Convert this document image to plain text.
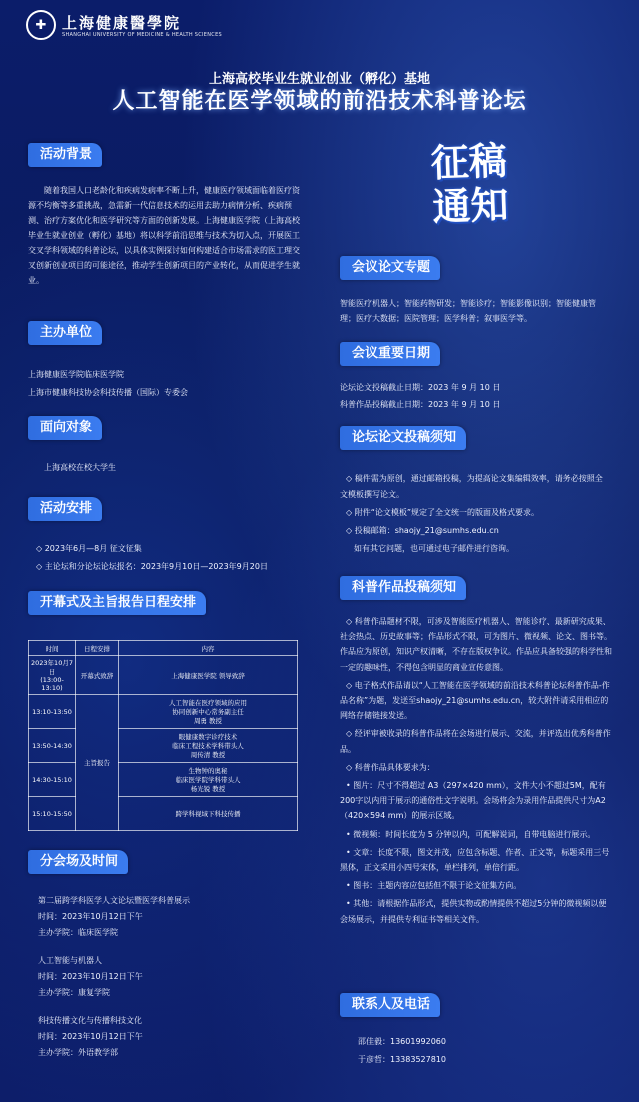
✚	上海健康醫學院
SHANGHAI UNIVERSITY OF MEDICINE & HEALTH SCIENCES
上海高校毕业生就业创业（孵化）基地
人工智能在医学领域的前沿技术科普论坛
征稿
通知
活动背景
随着我国人口老龄化和疾病发病率不断上升，健康医疗领域面临着医疗资源不均衡等多重挑战，急需新一代信息技术的运用去助力病情分析、疾病预测、治疗方案优化和医学研究等方面的创新发展。上海健康医学院（上海高校毕业生就业创业（孵化）基地）将以科学前沿思维与技术为切入点，开展医工交叉学科领域的科普论坛，以具体实例探讨如何构建适合市场需求的医工理交叉创新创业项目的可能途径，推动学生创新项目的产业转化，从而促进学生就业。
主办单位
上海健康医学院临床医学院
上海市健康科技协会科技传播（国际）专委会
面向对象
上海高校在校大学生
活动安排
◇ 2023年6月—8月 征文征集
◇ 主论坛和分论坛论坛报名：2023年9月10日—2023年9月20日
开幕式及主旨报告日程安排
时间	日程安排	内容
2023年10月7日
(13:00-13:10)	开幕式致辞	上海健康医学院 领导致辞
13:10-13:50	主旨报告	人工智能在医疗领域的应用
协同创新中心常务副主任
周勇 教授
13:50-14:30		眼健康数字诊疗技术
临床工程技术学科带头人
周传清 教授
14:30-15:10		生物钟的奥秘
临床医学院学科带头人
杨光锐 教授
15:10-15:50		跨学科视域下科技传播
分会场及时间
第二届跨学科医学人文论坛暨医学科普展示
时间：2023年10月12日下午
主办学院：临床医学院
人工智能与机器人
时间：2023年10月12日下午
主办学院：康复学院
科技传播文化与传播科技文化
时间：2023年10月12日下午
主办学院：外语教学部
会议论文专题
智能医疗机器人；智能药物研发；智能诊疗；智能影像识别；智能健康管理；医疗大数据；医院管理；医学科普；叙事医学等。
会议重要日期
论坛论文投稿截止日期：2023 年 9 月 10 日
科普作品投稿截止日期：2023 年 9 月 10 日
论坛论文投稿须知
◇ 稿件需为原创，通过邮箱投稿，为提高论文集编辑效率，请务必按照全文模板撰写论文。
◇ 附件“论文模板”规定了全文统一的版面及格式要求。
◇ 投稿邮箱：shaojy_21@sumhs.edu.cn
如有其它问题，也可通过电子邮件进行咨询。
科普作品投稿须知
◇ 科普作品题材不限，可涉及智能医疗机器人、智能诊疗、最新研究成果、社会热点、历史故事等；作品形式不限，可为图片、微视频、论文、图书等。作品应为原创，知识产权清晰，不存在版权争议。作品应具备较强的科学性和一定的趣味性，不得包含明显的商业宣传意图。
◇ 电子格式作品请以“人工智能在医学领域的前沿技术科普论坛科普作品-作品名称”为题，发送至shaojy_21@sumhs.edu.cn，较大附件请采用相应的网络存储链接发送。
◇ 经评审被收录的科普作品将在会场进行展示、交流，并评选出优秀科普作品。
◇ 科普作品具体要求为：
• 图片：尺寸不得超过 A3（297×420 mm），文件大小不超过5M，配有200字以内用于展示的通俗性文字说明。会场将会为录用作品提供尺寸为A2（420×594 mm）的展示区域。
• 微视频：时间长度为 5 分钟以内，可配解说词，自带电脑进行展示。
• 文章：长度不限，图文并茂，应包含标题、作者、正文等，标题采用三号黑体，正文采用小四号宋体，单栏排列，单倍行距。
• 图书：主题内容应包括但不限于论文征集方向。
• 其他：请根据作品形式，提供实物或酌情提供不超过5分钟的微视频以便会场展示，并提供专利证书等相关文件。
联系人及电话
邵佳毅：13601992060
于彦哲：13383527810
